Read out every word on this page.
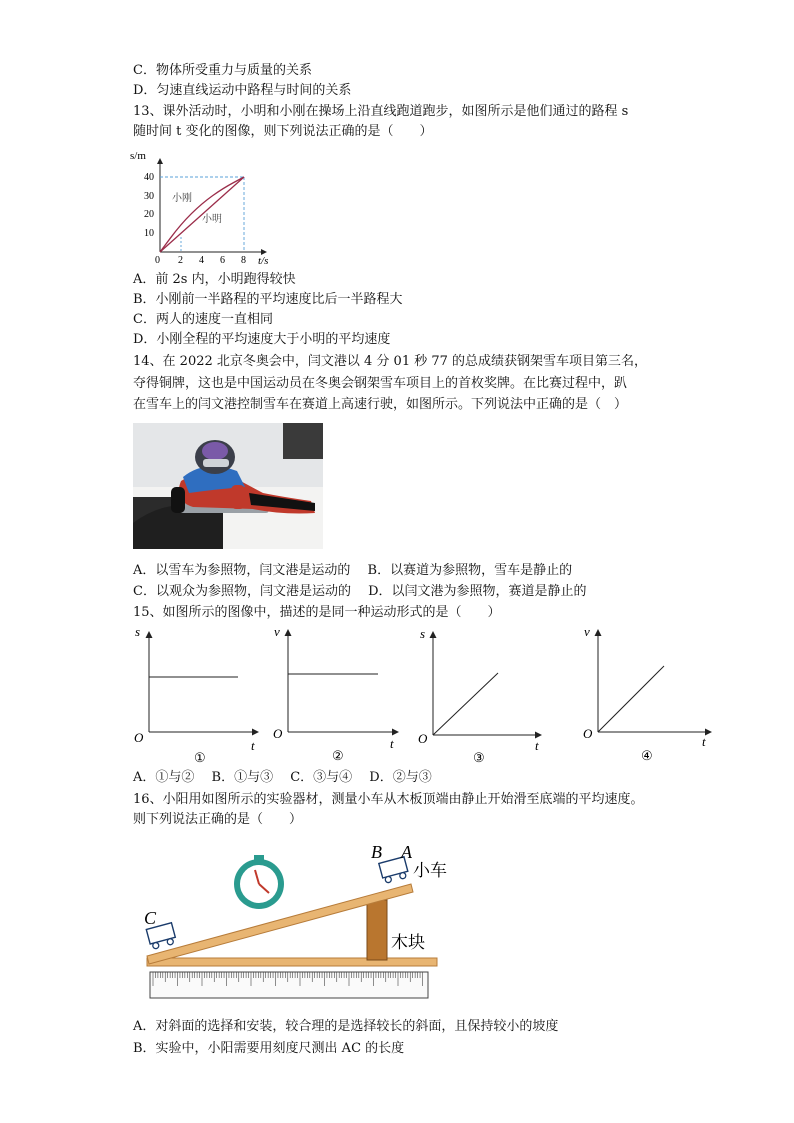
C．物体所受重力与质量的关系
D．匀速直线运动中路程与时间的关系
13、课外活动时，小明和小刚在操场上沿直线跑道跑步，如图所示是他们通过的路程 s
随时间 t 变化的图像，则下列说法正确的是（　　）
s/m
t/s
10
20
30
40
0 2 4 6 8
小刚
小明
A．前 2s 内，小明跑得较快
B．小刚前一半路程的平均速度比后一半路程大
C．两人的速度一直相同
D．小刚全程的平均速度大于小明的平均速度
14、在 2022 北京冬奥会中，闫文港以 4 分 01 秒 77 的总成绩获钢架雪车项目第三名，
夺得铜牌，这也是中国运动员在冬奥会钢架雪车项目上的首枚奖牌。在比赛过程中，趴
在雪车上的闫文港控制雪车在赛道上高速行驶，如图所示。下列说法中正确的是（　）
A．以雪车为参照物，闫文港是运动的　 B．以赛道为参照物，雪车是静止的
C．以观众为参照物，闫文港是运动的　 D．以闫文港为参照物，赛道是静止的
15、如图所示的图像中，描述的是同一种运动形式的是（　　）
s
t
O
①
v
t
O
②
s
t
O
③
v
t
O
④
A．①与②　 B．①与③　 C．③与④　 D．②与③
16、小阳用如图所示的实验器材，测量小车从木板顶端由静止开始滑至底端的平均速度。
则下列说法正确的是（　　）
B A
C
小车
木块
A．对斜面的选择和安装，较合理的是选择较长的斜面，且保持较小的坡度
B．实验中，小阳需要用刻度尺测出 AC 的长度
